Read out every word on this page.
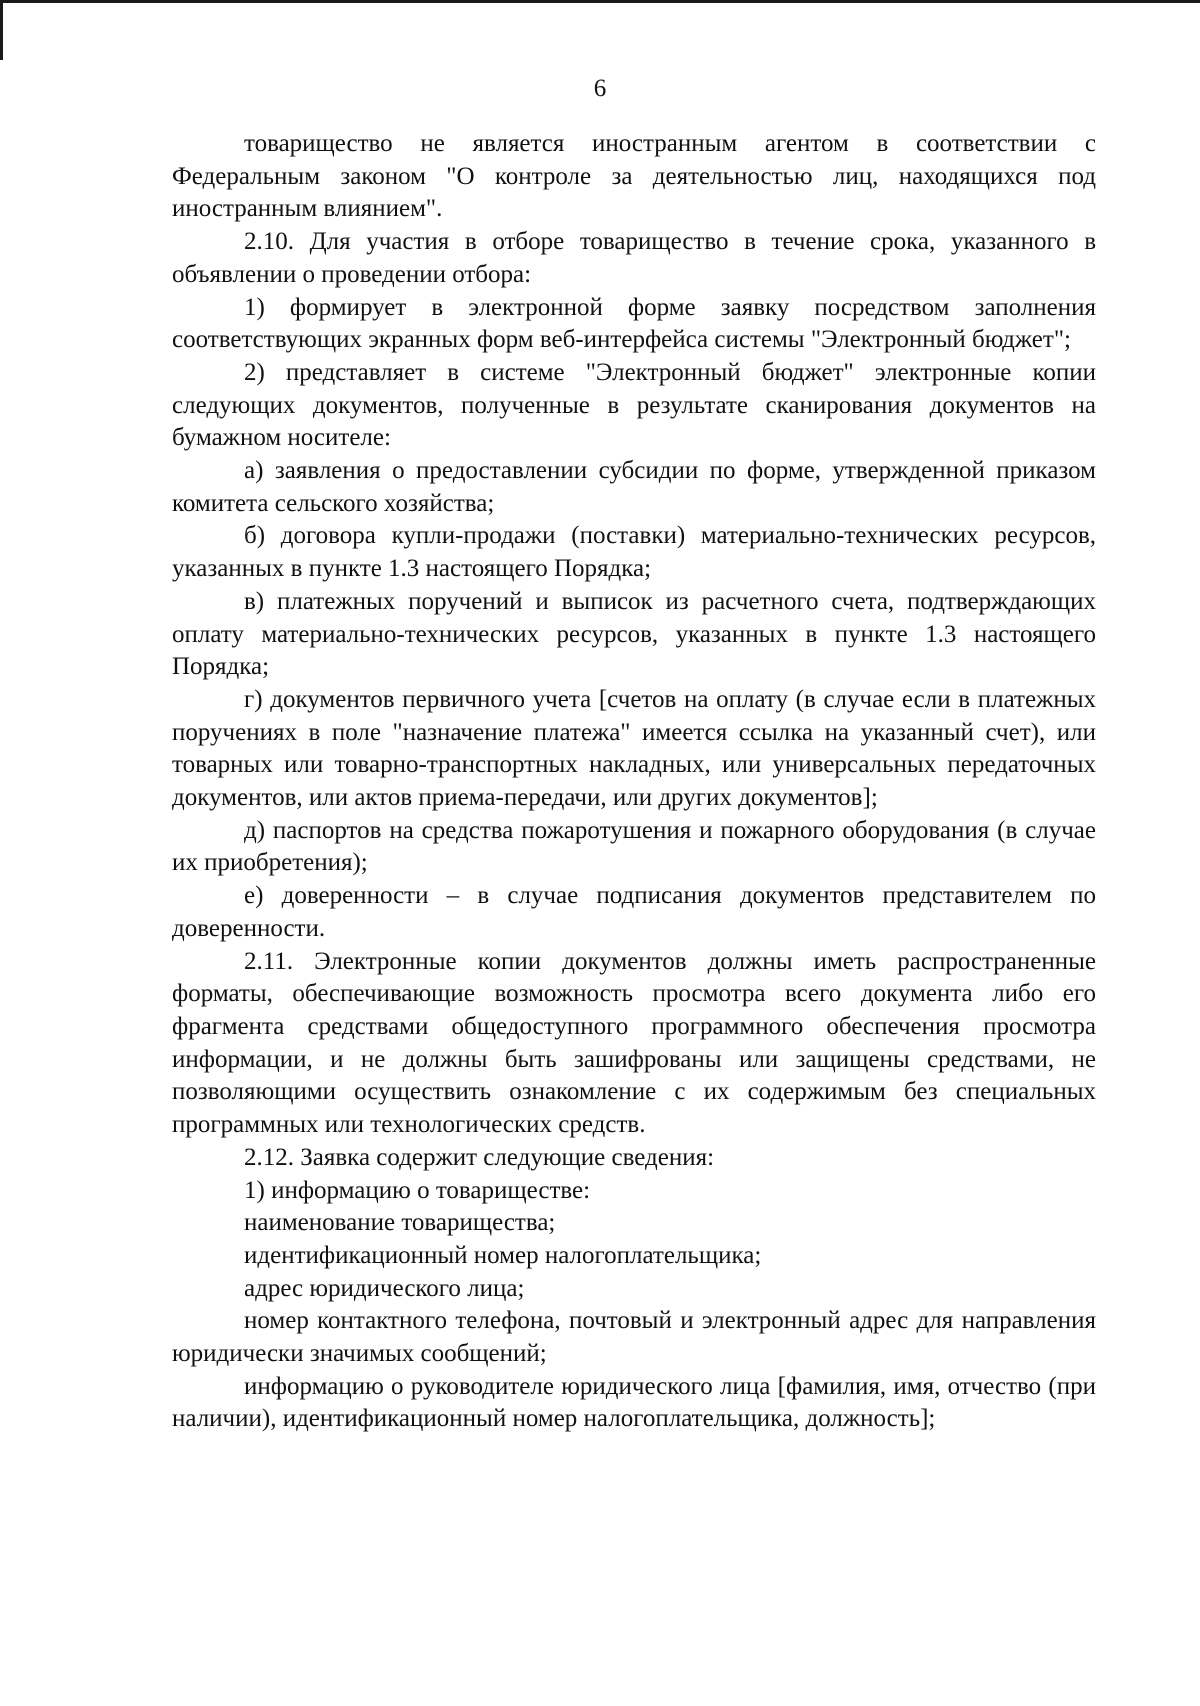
6

товарищество не является иностранным агентом в соответствии с Федеральным законом "О контроле за деятельностью лиц, находящихся под иностранным влиянием".

2.10. Для участия в отборе товарищество в течение срока, указанного в объявлении о проведении отбора:

1) формирует в электронной форме заявку посредством заполнения соответствующих экранных форм веб-интерфейса системы "Электронный бюджет";

2) представляет в системе "Электронный бюджет" электронные копии следующих документов, полученные в результате сканирования документов на бумажном носителе:

а) заявления о предоставлении субсидии по форме, утвержденной приказом комитета сельского хозяйства;

б) договора купли-продажи (поставки) материально-технических ресурсов, указанных в пункте 1.3 настоящего Порядка;

в) платежных поручений и выписок из расчетного счета, подтверждающих оплату материально-технических ресурсов, указанных в пункте 1.3 настоящего Порядка;

г) документов первичного учета [счетов на оплату (в случае если в платежных поручениях в поле "назначение платежа" имеется ссылка на указанный счет), или товарных или товарно-транспортных накладных, или универсальных передаточных документов, или актов приема-передачи, или других документов];

д) паспортов на средства пожаротушения и пожарного оборудования (в случае их приобретения);

е) доверенности – в случае подписания документов представителем по доверенности.

2.11. Электронные копии документов должны иметь распространенные форматы, обеспечивающие возможность просмотра всего документа либо его фрагмента средствами общедоступного программного обеспечения просмотра информации, и не должны быть зашифрованы или защищены средствами, не позволяющими осуществить ознакомление с их содержимым без специальных программных или технологических средств.

2.12. Заявка содержит следующие сведения:

1) информацию о товариществе:

наименование товарищества;

идентификационный номер налогоплательщика;

адрес юридического лица;

номер контактного телефона, почтовый и электронный адрес для направления юридически значимых сообщений;

информацию о руководителе юридического лица [фамилия, имя, отчество (при наличии), идентификационный номер налогоплательщика, должность];
